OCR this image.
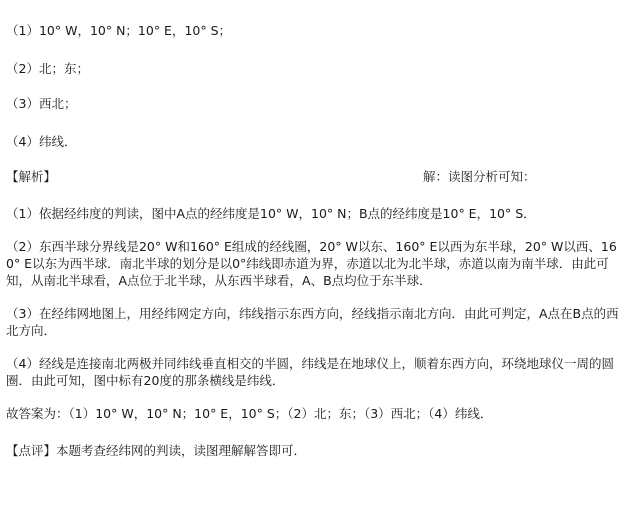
（1）10° W，10° N；10° E，10° S；
（2）北；东；
（3）西北；
（4）纬线．
【解析】	解：读图分析可知：
（1）依据经纬度的判读，图中A点的经纬度是10° W，10° N；B点的经纬度是10° E，10° S．
（2）东西半球分界线是20° W和160° E组成的经线圈，20° W以东、160° E以西为东半球，20° W以西、160° E以东为西半球．南北半球的划分是以0°纬线即赤道为界，赤道以北为北半球，赤道以南为南半球．由此可知，从南北半球看，A点位于北半球，从东西半球看，A、B点均位于东半球．
（3）在经纬网地图上，用经纬网定方向，纬线指示东西方向，经线指示南北方向．由此可判定，A点在B点的西北方向．
（4）经线是连接南北两极并同纬线垂直相交的半圆，纬线是在地球仪上，顺着东西方向，环绕地球仪一周的圆圈．由此可知，图中标有20度的那条横线是纬线．
故答案为：（1）10° W，10° N；10° E，10° S；（2）北；东；（3）西北；（4）纬线．
【点评】本题考查经纬网的判读，读图理解解答即可．
